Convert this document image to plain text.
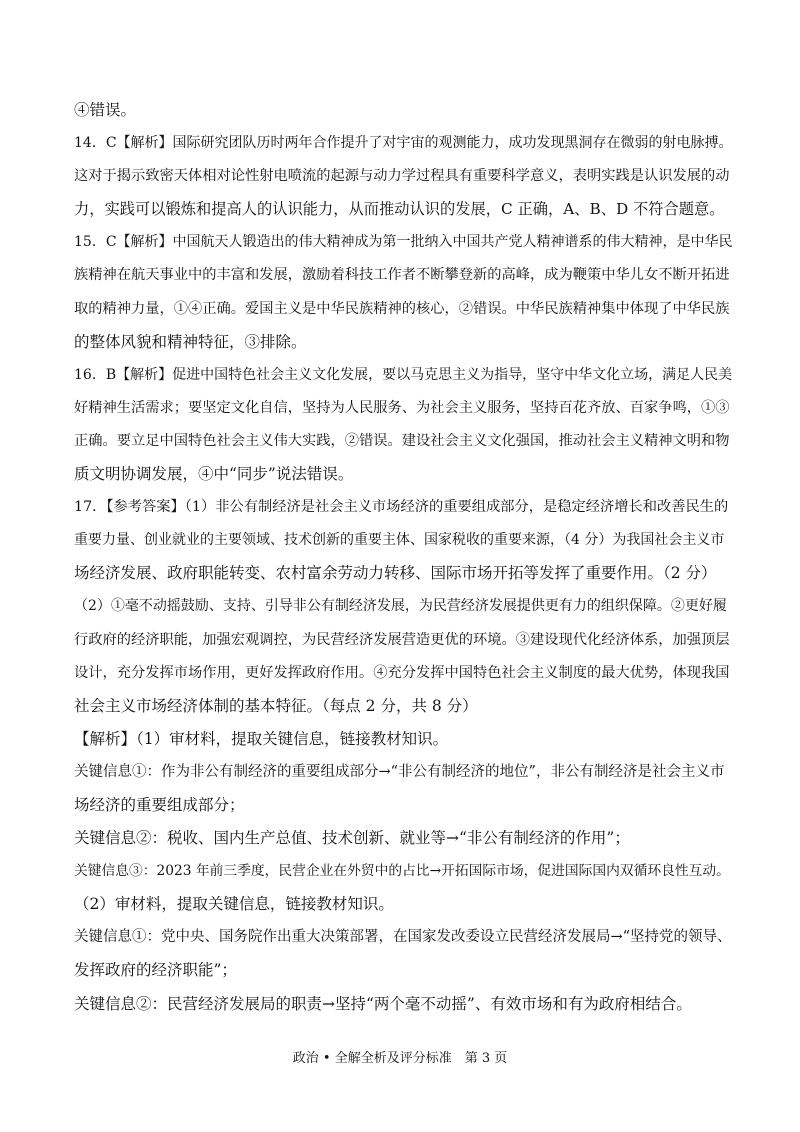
④错误。
14．C【解析】国际研究团队历时两年合作提升了对宇宙的观测能力，成功发现黑洞存在微弱的射电脉搏。
这对于揭示致密天体相对论性射电喷流的起源与动力学过程具有重要科学意义，表明实践是认识发展的动
力，实践可以锻炼和提高人的认识能力，从而推动认识的发展，C 正确，A、B、D 不符合题意。
15．C【解析】中国航天人锻造出的伟大精神成为第一批纳入中国共产党人精神谱系的伟大精神，是中华民
族精神在航天事业中的丰富和发展，激励着科技工作者不断攀登新的高峰，成为鞭策中华儿女不断开拓进
取的精神力量，①④正确。爱国主义是中华民族精神的核心，②错误。中华民族精神集中体现了中华民族
的整体风貌和精神特征，③排除。
16．B【解析】促进中国特色社会主义文化发展，要以马克思主义为指导，坚守中华文化立场，满足人民美
好精神生活需求；要坚定文化自信，坚持为人民服务、为社会主义服务，坚持百花齐放、百家争鸣，①③
正确。要立足中国特色社会主义伟大实践，②错误。建设社会主义文化强国，推动社会主义精神文明和物
质文明协调发展，④中“同步”说法错误。
17．【参考答案】（1）非公有制经济是社会主义市场经济的重要组成部分，是稳定经济增长和改善民生的
重要力量、创业就业的主要领域、技术创新的重要主体、国家税收的重要来源，（4 分）为我国社会主义市
场经济发展、政府职能转变、农村富余劳动力转移、国际市场开拓等发挥了重要作用。（2 分）
（2）①毫不动摇鼓励、支持、引导非公有制经济发展，为民营经济发展提供更有力的组织保障。②更好履
行政府的经济职能，加强宏观调控，为民营经济发展营造更优的环境。③建设现代化经济体系，加强顶层
设计，充分发挥市场作用，更好发挥政府作用。④充分发挥中国特色社会主义制度的最大优势，体现我国
社会主义市场经济体制的基本特征。（每点 2 分，共 8 分）
【解析】（1）审材料，提取关键信息，链接教材知识。
关键信息①：作为非公有制经济的重要组成部分→“非公有制经济的地位”，非公有制经济是社会主义市
场经济的重要组成部分；
关键信息②：税收、国内生产总值、技术创新、就业等→“非公有制经济的作用”；
关键信息③：2023 年前三季度，民营企业在外贸中的占比→开拓国际市场，促进国际国内双循环良性互动。
（2）审材料，提取关键信息，链接教材知识。
关键信息①：党中央、国务院作出重大决策部署，在国家发改委设立民营经济发展局→“坚持党的领导、
发挥政府的经济职能”；
关键信息②：民营经济发展局的职责→坚持“两个毫不动摇”、有效市场和有为政府相结合。
政治 • 全解全析及评分标准　第 3 页
